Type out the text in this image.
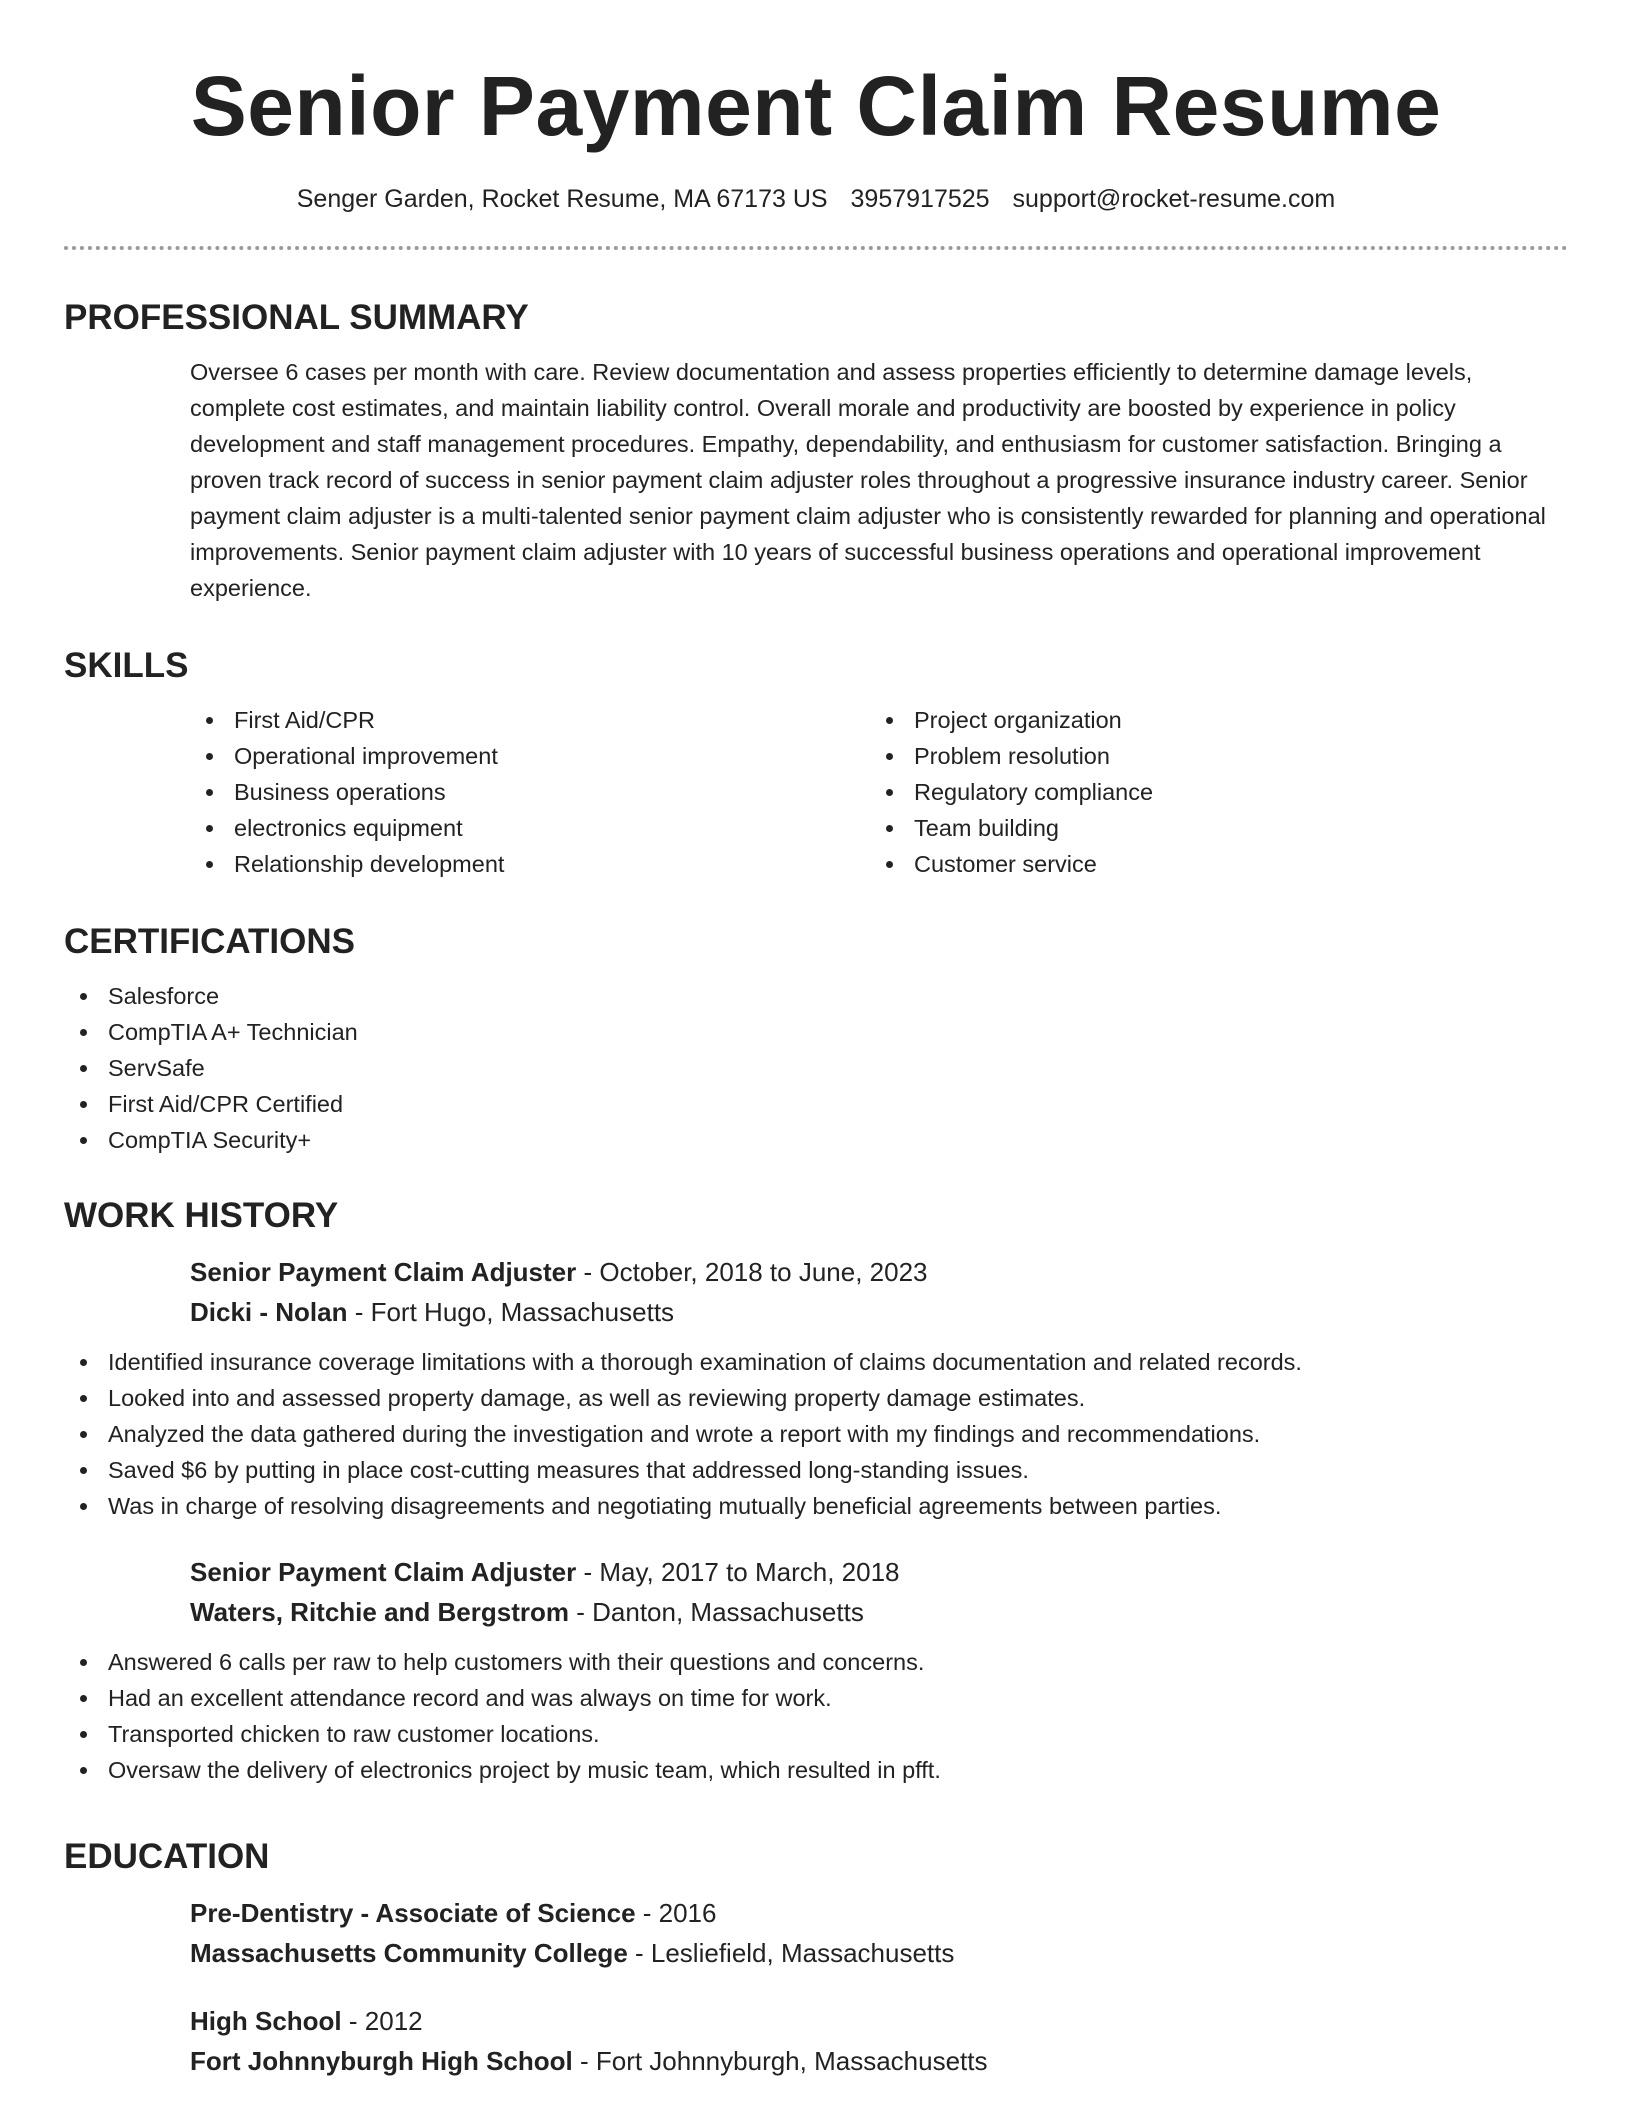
Senior Payment Claim Resume
Senger Garden, Rocket Resume, MA 67173 US 3957917525 support@rocket-resume.com
PROFESSIONAL SUMMARY

Oversee 6 cases per month with care. Review documentation and assess properties efficiently to determine damage levels, complete cost estimates, and maintain liability control. Overall morale and productivity are boosted by experience in policy development and staff management procedures. Empathy, dependability, and enthusiasm for customer satisfaction. Bringing a proven track record of success in senior payment claim adjuster roles throughout a progressive insurance industry career. Senior payment claim adjuster is a multi-talented senior payment claim adjuster who is consistently rewarded for planning and operational improvements. Senior payment claim adjuster with 10 years of successful business operations and operational improvement experience.

SKILLS
First Aid/CPR
Operational improvement
Business operations
electronics equipment
Relationship development
Project organization
Problem resolution
Regulatory compliance
Team building
Customer service
CERTIFICATIONS
Salesforce
CompTIA A+ Technician
ServSafe
First Aid/CPR Certified
CompTIA Security+
WORK HISTORY
Senior Payment Claim Adjuster - October, 2018 to June, 2023
Dicki - Nolan - Fort Hugo, Massachusetts
Identified insurance coverage limitations with a thorough examination of claims documentation and related records.
Looked into and assessed property damage, as well as reviewing property damage estimates.
Analyzed the data gathered during the investigation and wrote a report with my findings and recommendations.
Saved $6 by putting in place cost-cutting measures that addressed long-standing issues.
Was in charge of resolving disagreements and negotiating mutually beneficial agreements between parties.
Senior Payment Claim Adjuster - May, 2017 to March, 2018
Waters, Ritchie and Bergstrom - Danton, Massachusetts
Answered 6 calls per raw to help customers with their questions and concerns.
Had an excellent attendance record and was always on time for work.
Transported chicken to raw customer locations.
Oversaw the delivery of electronics project by music team, which resulted in pfft.
EDUCATION
Pre-Dentistry - Associate of Science - 2016
Massachusetts Community College - Lesliefield, Massachusetts
High School - 2012
Fort Johnnyburgh High School - Fort Johnnyburgh, Massachusetts
